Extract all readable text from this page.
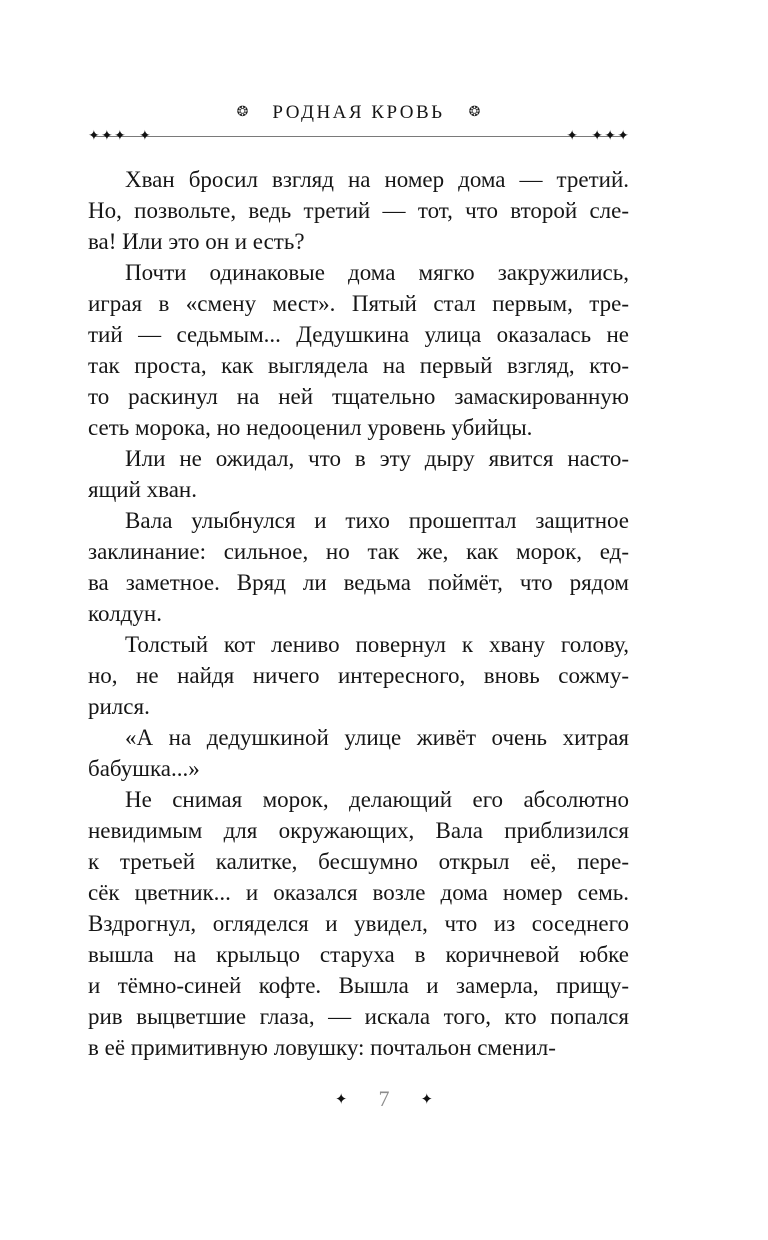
❂ РОДНАЯ КРОВЬ ❂
✦ ✦ ✦ ✦	✦ ✦ ✦ ✦
Хван бросил взгляд на номер дома — третий.
Но, позвольте, ведь третий — тот, что второй сле-
ва! Или это он и есть?
Почти одинаковые дома мягко закружились,
играя в «смену мест». Пятый стал первым, тре-
тий — седьмым... Дедушкина улица оказалась не
так проста, как выглядела на первый взгляд, кто-
то раскинул на ней тщательно замаскированную
сеть морока, но недооценил уровень убийцы.
Или не ожидал, что в эту дыру явится насто-
ящий хван.
Вала улыбнулся и тихо прошептал защитное
заклинание: сильное, но так же, как морок, ед-
ва заметное. Вряд ли ведьма поймёт, что рядом
колдун.
Толстый кот лениво повернул к хвану голову,
но, не найдя ничего интересного, вновь сожму-
рился.
«А на дедушкиной улице живёт очень хитрая
бабушка...»
Не снимая морок, делающий его абсолютно
невидимым для окружающих, Вала приблизился
к третьей калитке, бесшумно открыл её, пере-
сёк цветник... и оказался возле дома номер семь.
Вздрогнул, огляделся и увидел, что из соседнего
вышла на крыльцо старуха в коричневой юбке
и тёмно-синей кофте. Вышла и замерла, прищу-
рив выцветшие глаза, — искала того, кто попался
в её примитивную ловушку: почтальон сменил-
✦ 7 ✦
